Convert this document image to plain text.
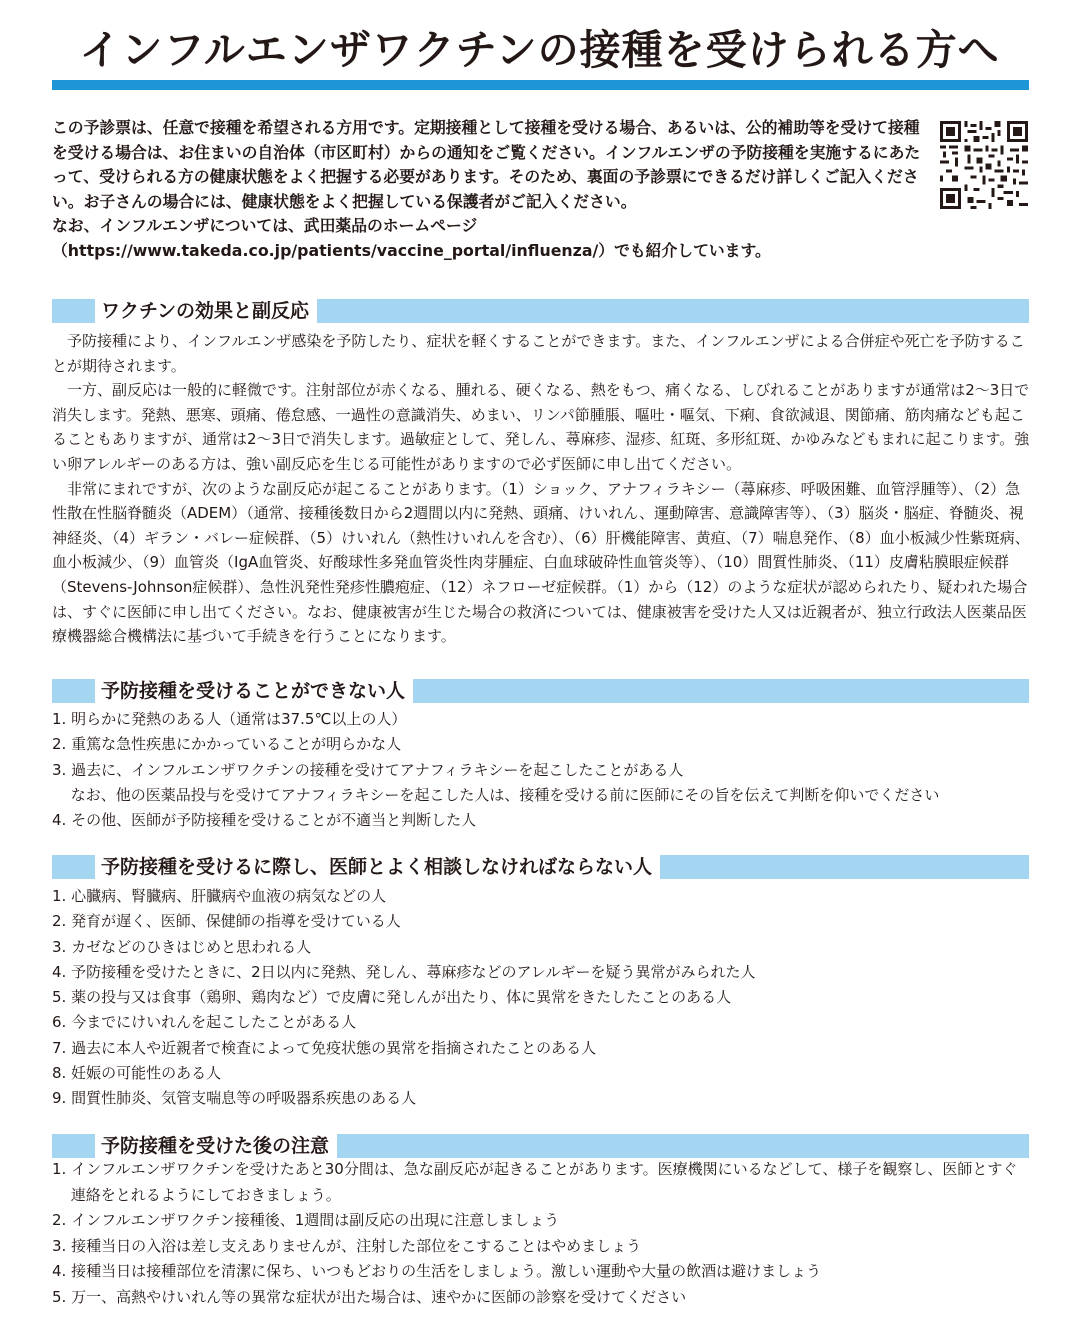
インフルエンザワクチンの接種を受けられる方へ

この予診票は、任意で接種を希望される方用です。定期接種として接種を受ける場合、あるいは、公的補助等を受けて接種を受ける場合は、お住まいの自治体（市区町村）からの通知をご覧ください。インフルエンザの予防接種を実施するにあたって、受けられる方の健康状態をよく把握する必要があります。そのため、裏面の予診票にできるだけ詳しくご記入ください。お子さんの場合には、健康状態をよく把握している保護者がご記入ください。

なお、インフルエンザについては、武田薬品のホームページ（https://www.takeda.co.jp/patients/vaccine_portal/influenza/）でも紹介しています。

ワクチンの効果と副反応

予防接種により、インフルエンザ感染を予防したり、症状を軽くすることができます。また、インフルエンザによる合併症や死亡を予防することが期待されます。

一方、副反応は一般的に軽微です。注射部位が赤くなる、腫れる、硬くなる、熱をもつ、痛くなる、しびれることがありますが通常は2〜3日で消失します。発熱、悪寒、頭痛、倦怠感、一過性の意識消失、めまい、リンパ節腫脹、嘔吐・嘔気、下痢、食欲減退、関節痛、筋肉痛なども起こることもありますが、通常は2〜3日で消失します。過敏症として、発しん、蕁麻疹、湿疹、紅斑、多形紅斑、かゆみなどもまれに起こります。強い卵アレルギーのある方は、強い副反応を生じる可能性がありますので必ず医師に申し出てください。

非常にまれですが、次のような副反応が起こることがあります。（1）ショック、アナフィラキシー（蕁麻疹、呼吸困難、血管浮腫等）、（2）急性散在性脳脊髄炎（ADEM）（通常、接種後数日から2週間以内に発熱、頭痛、けいれん、運動障害、意識障害等）、（3）脳炎・脳症、脊髄炎、視神経炎、（4）ギラン・バレー症候群、（5）けいれん（熱性けいれんを含む）、（6）肝機能障害、黄疸、（7）喘息発作、（8）血小板減少性紫斑病、血小板減少、（9）血管炎（IgA血管炎、好酸球性多発血管炎性肉芽腫症、白血球破砕性血管炎等）、（10）間質性肺炎、（11）皮膚粘膜眼症候群（Stevens-Johnson症候群）、急性汎発性発疹性膿疱症、（12）ネフローゼ症候群。（1）から（12）のような症状が認められたり、疑われた場合は、すぐに医師に申し出てください。なお、健康被害が生じた場合の救済については、健康被害を受けた人又は近親者が、独立行政法人医薬品医療機器総合機構法に基づいて手続きを行うことになります。

予防接種を受けることができない人
1. 明らかに発熱のある人（通常は37.5℃以上の人）
2. 重篤な急性疾患にかかっていることが明らかな人
3. 過去に、インフルエンザワクチンの接種を受けてアナフィラキシーを起こしたことがある人
なお、他の医薬品投与を受けてアナフィラキシーを起こした人は、接種を受ける前に医師にその旨を伝えて判断を仰いでください
4. その他、医師が予防接種を受けることが不適当と判断した人
予防接種を受けるに際し、医師とよく相談しなければならない人
1. 心臓病、腎臓病、肝臓病や血液の病気などの人
2. 発育が遅く、医師、保健師の指導を受けている人
3. カゼなどのひきはじめと思われる人
4. 予防接種を受けたときに、2日以内に発熱、発しん、蕁麻疹などのアレルギーを疑う異常がみられた人
5. 薬の投与又は食事（鶏卵、鶏肉など）で皮膚に発しんが出たり、体に異常をきたしたことのある人
6. 今までにけいれんを起こしたことがある人
7. 過去に本人や近親者で検査によって免疫状態の異常を指摘されたことのある人
8. 妊娠の可能性のある人
9. 間質性肺炎、気管支喘息等の呼吸器系疾患のある人
予防接種を受けた後の注意
1. インフルエンザワクチンを受けたあと30分間は、急な副反応が起きることがあります。医療機関にいるなどして、様子を観察し、医師とすぐ連絡をとれるようにしておきましょう。
2. インフルエンザワクチン接種後、1週間は副反応の出現に注意しましょう
3. 接種当日の入浴は差し支えありませんが、注射した部位をこすることはやめましょう
4. 接種当日は接種部位を清潔に保ち、いつもどおりの生活をしましょう。激しい運動や大量の飲酒は避けましょう
5. 万一、高熱やけいれん等の異常な症状が出た場合は、速やかに医師の診察を受けてください
